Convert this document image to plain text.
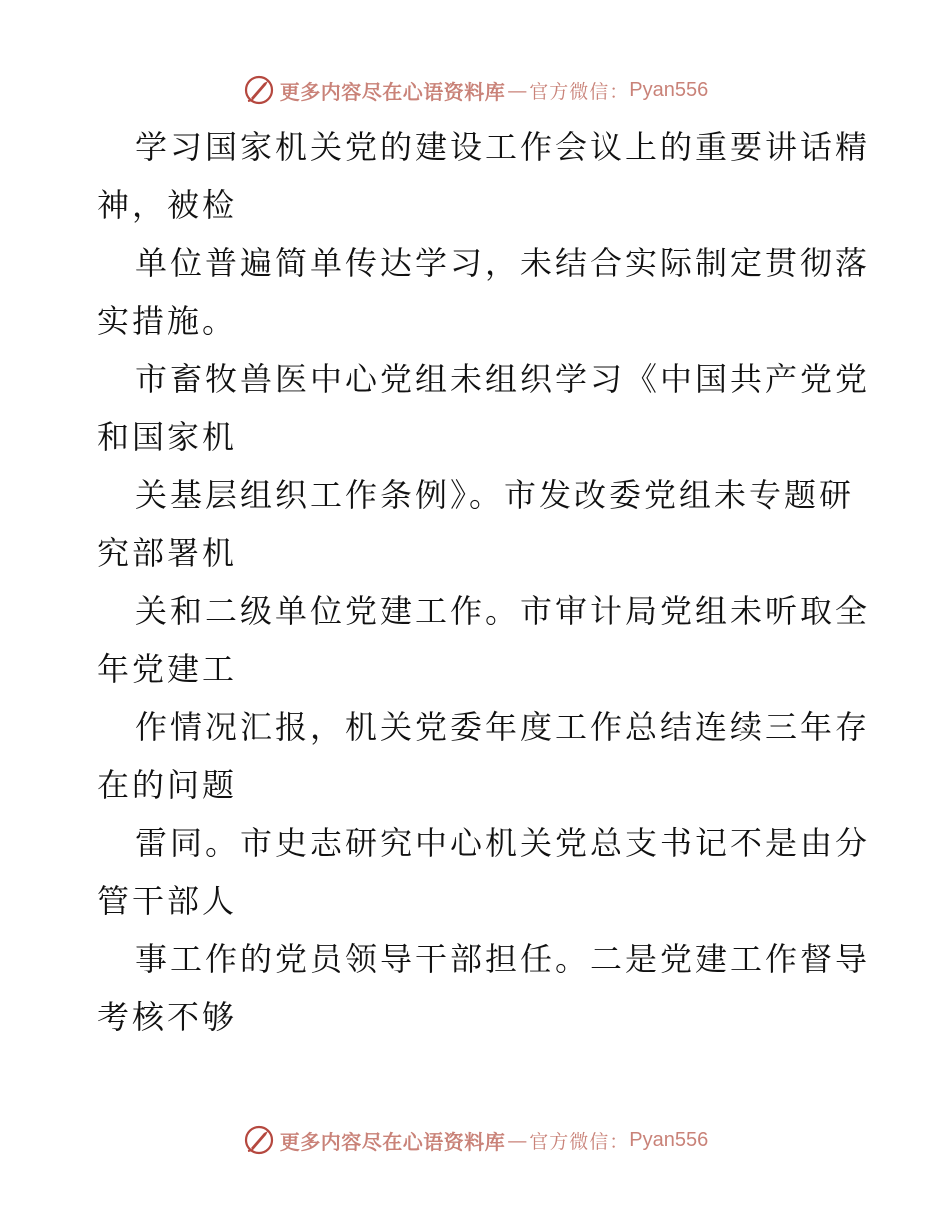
更多内容尽在心语资料库 — 官方微信： Pyan556
学习国家机关党的建设工作会议上的重要讲话精
神，被检
单位普遍简单传达学习，未结合实际制定贯彻落
实措施。
市畜牧兽医中心党组未组织学习《中国共产党党
和国家机
关基层组织工作条例》。市发改委党组未专题研
究部署机
关和二级单位党建工作。市审计局党组未听取全
年党建工
作情况汇报，机关党委年度工作总结连续三年存
在的问题
雷同。市史志研究中心机关党总支书记不是由分
管干部人
事工作的党员领导干部担任。二是党建工作督导
考核不够
更多内容尽在心语资料库 — 官方微信： Pyan556
